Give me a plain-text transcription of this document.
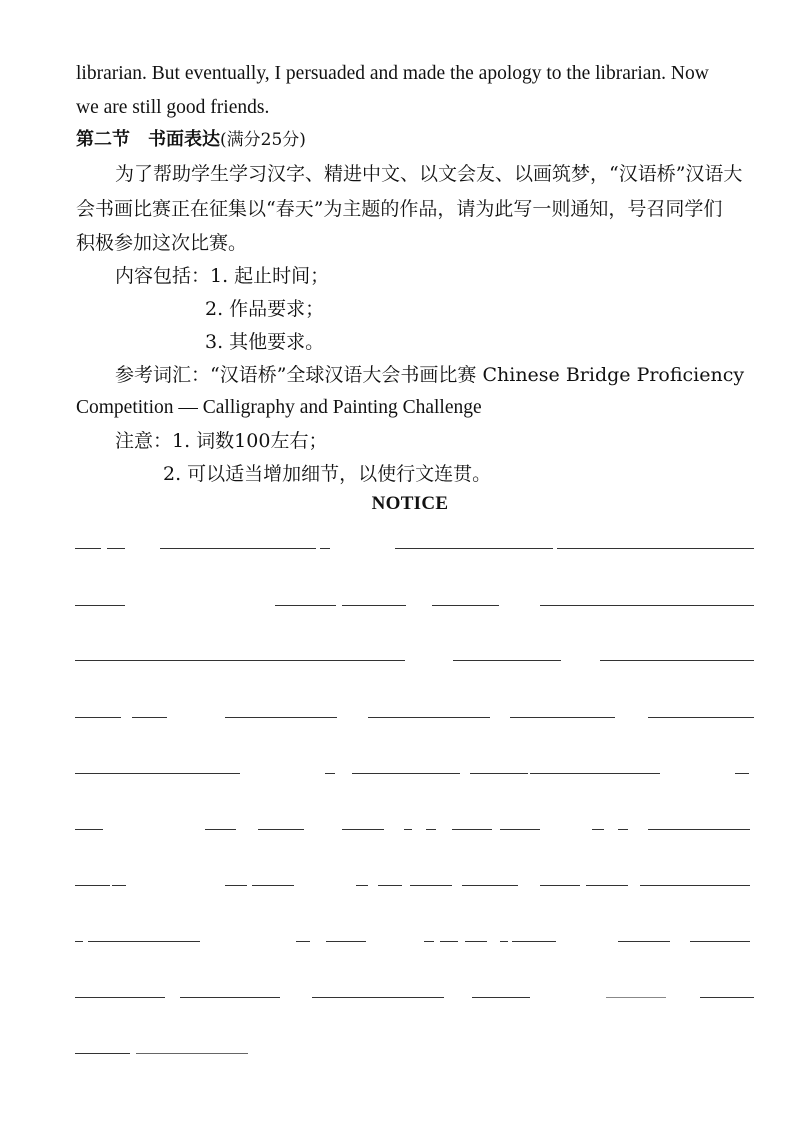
librarian. But eventually, I persuaded and made the apology to the librarian. Now
we are still good friends.
第二节　书面表达(满分25分)
为了帮助学生学习汉字、精进中文、以文会友、以画筑梦，“汉语桥”汉语大
会书画比赛正在征集以“春天”为主题的作品，请为此写一则通知，号召同学们
积极参加这次比赛。
内容包括：1. 起止时间；
2. 作品要求；
3. 其他要求。
参考词汇：“汉语桥”全球汉语大会书画比赛 Chinese Bridge Proficiency
Competition — Calligraphy and Painting Challenge
注意：1. 词数100左右；
2. 可以适当增加细节，以使行文连贯。
NOTICE
